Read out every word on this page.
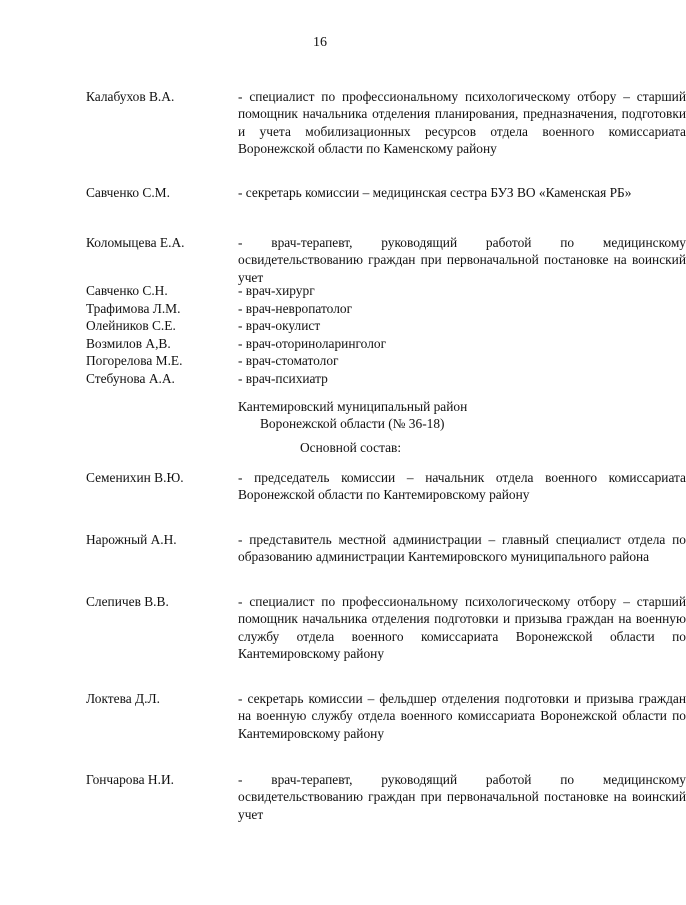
16
Калабухов В.А.	- специалист по профессиональному психологическому отбору – старший помощник начальника отделения планирования, предназначения, подготовки и учета мобилизационных ресурсов отдела военного комиссариата Воронежской области по Каменскому району
Савченко С.М.	- секретарь комиссии – медицинская сестра БУЗ ВО «Каменская РБ»
Коломыцева Е.А.	- врач-терапевт, руководящий работой по медицинскому освидетельствованию граждан при первоначальной постановке на воинский учет
Савченко С.Н.	- врач-хирург
Трафимова Л.М.	- врач-невропатолог
Олейников С.Е.	- врач-окулист
Возмилов А,В.	- врач-оториноларинголог
Погорелова М.Е.	- врач-стоматолог
Стебунова А.А.	- врач-психиатр
Кантемировский муниципальный район
Воронежской области (№ 36-18)
Основной состав:
Семенихин В.Ю.	- председатель комиссии – начальник отдела военного комиссариата Воронежской области по Кантемировскому району
Нарожный А.Н.	- представитель местной администрации – главный специалист отдела по образованию администрации Кантемировского муниципального района
Слепичев В.В.	- специалист по профессиональному психологическому отбору – старший помощник начальника отделения подготовки и призыва граждан на военную службу отдела военного комиссариата Воронежской области по Кантемировскому району
Локтева Д.Л.	- секретарь комиссии – фельдшер отделения подготовки и призыва граждан на военную службу отдела военного комиссариата Воронежской области по Кантемировскому району
Гончарова Н.И.	- врач-терапевт, руководящий работой по медицинскому освидетельствованию граждан при первоначальной постановке на воинский учет
